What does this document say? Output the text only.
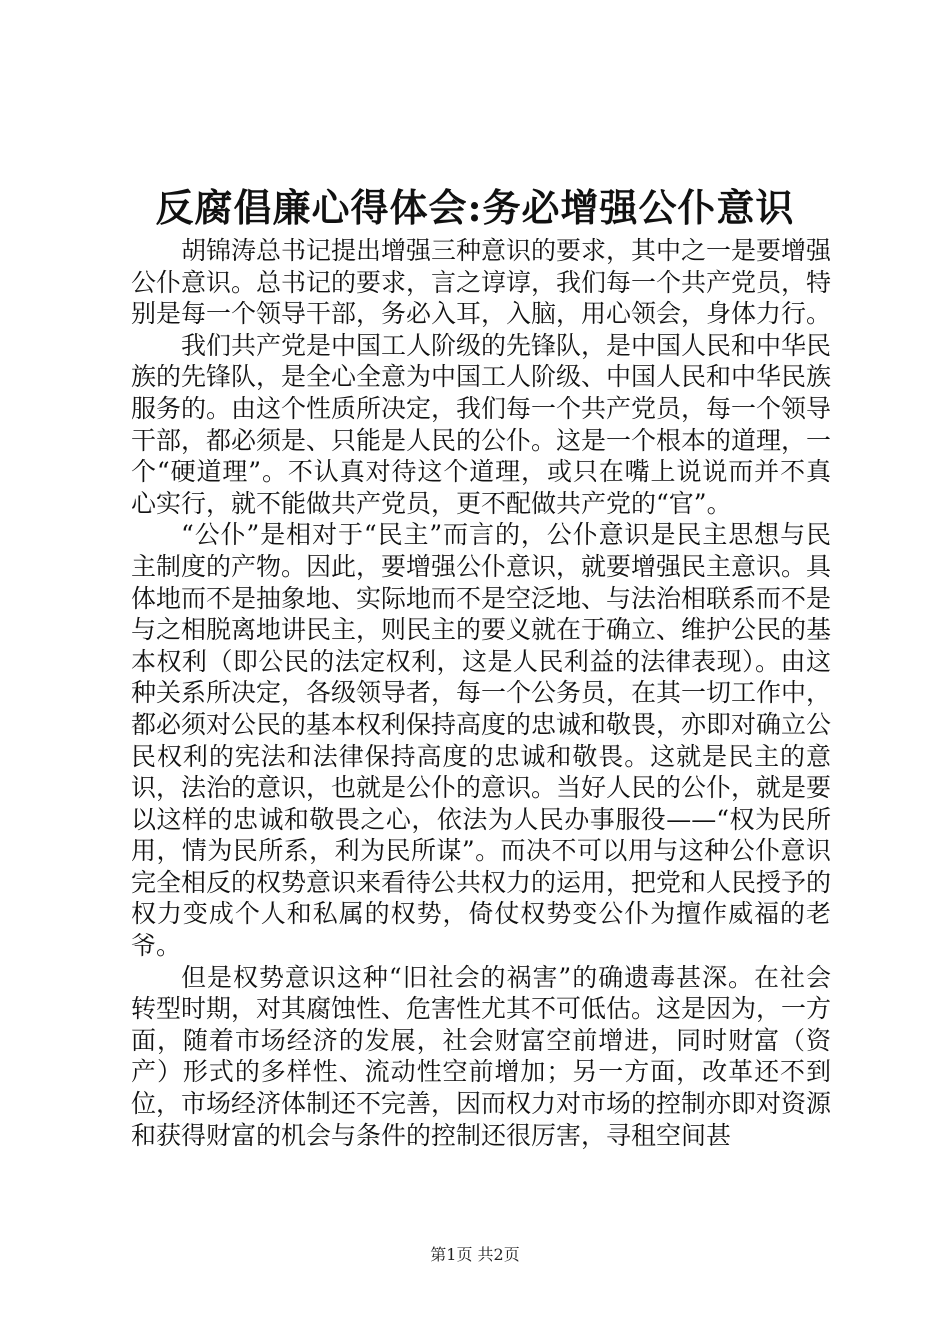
反腐倡廉心得体会:务必增强公仆意识

胡锦涛总书记提出增强三种意识的要求，其中之一是要增强公仆意识。总书记的要求，言之谆谆，我们每一个共产党员，特别是每一个领导干部，务必入耳，入脑，用心领会，身体力行。

我们共产党是中国工人阶级的先锋队，是中国人民和中华民族的先锋队，是全心全意为中国工人阶级、中国人民和中华民族服务的。由这个性质所决定，我们每一个共产党员，每一个领导干部，都必须是、只能是人民的公仆。这是一个根本的道理，一个“硬道理”。不认真对待这个道理，或只在嘴上说说而并不真心实行，就不能做共产党员，更不配做共产党的“官”。

“公仆”是相对于“民主”而言的，公仆意识是民主思想与民主制度的产物。因此，要增强公仆意识，就要增强民主意识。具体地而不是抽象地、实际地而不是空泛地、与法治相联系而不是与之相脱离地讲民主，则民主的要义就在于确立、维护公民的基本权利（即公民的法定权利，这是人民利益的法律表现）。由这种关系所决定，各级领导者，每一个公务员，在其一切工作中，都必须对公民的基本权利保持高度的忠诚和敬畏，亦即对确立公民权利的宪法和法律保持高度的忠诚和敬畏。这就是民主的意识，法治的意识，也就是公仆的意识。当好人民的公仆，就是要以这样的忠诚和敬畏之心，依法为人民办事服役——“权为民所用，情为民所系，利为民所谋”。而决不可以用与这种公仆意识完全相反的权势意识来看待公共权力的运用，把党和人民授予的权力变成个人和私属的权势，倚仗权势变公仆为擅作威福的老爷。

但是权势意识这种“旧社会的祸害”的确遗毒甚深。在社会转型时期，对其腐蚀性、危害性尤其不可低估。这是因为，一方面，随着市场经济的发展，社会财富空前增进，同时财富（资产）形式的多样性、流动性空前增加；另一方面，改革还不到位，市场经济体制还不完善，因而权力对市场的控制亦即对资源和获得财富的机会与条件的控制还很厉害，寻租空间甚

第1页 共2页
